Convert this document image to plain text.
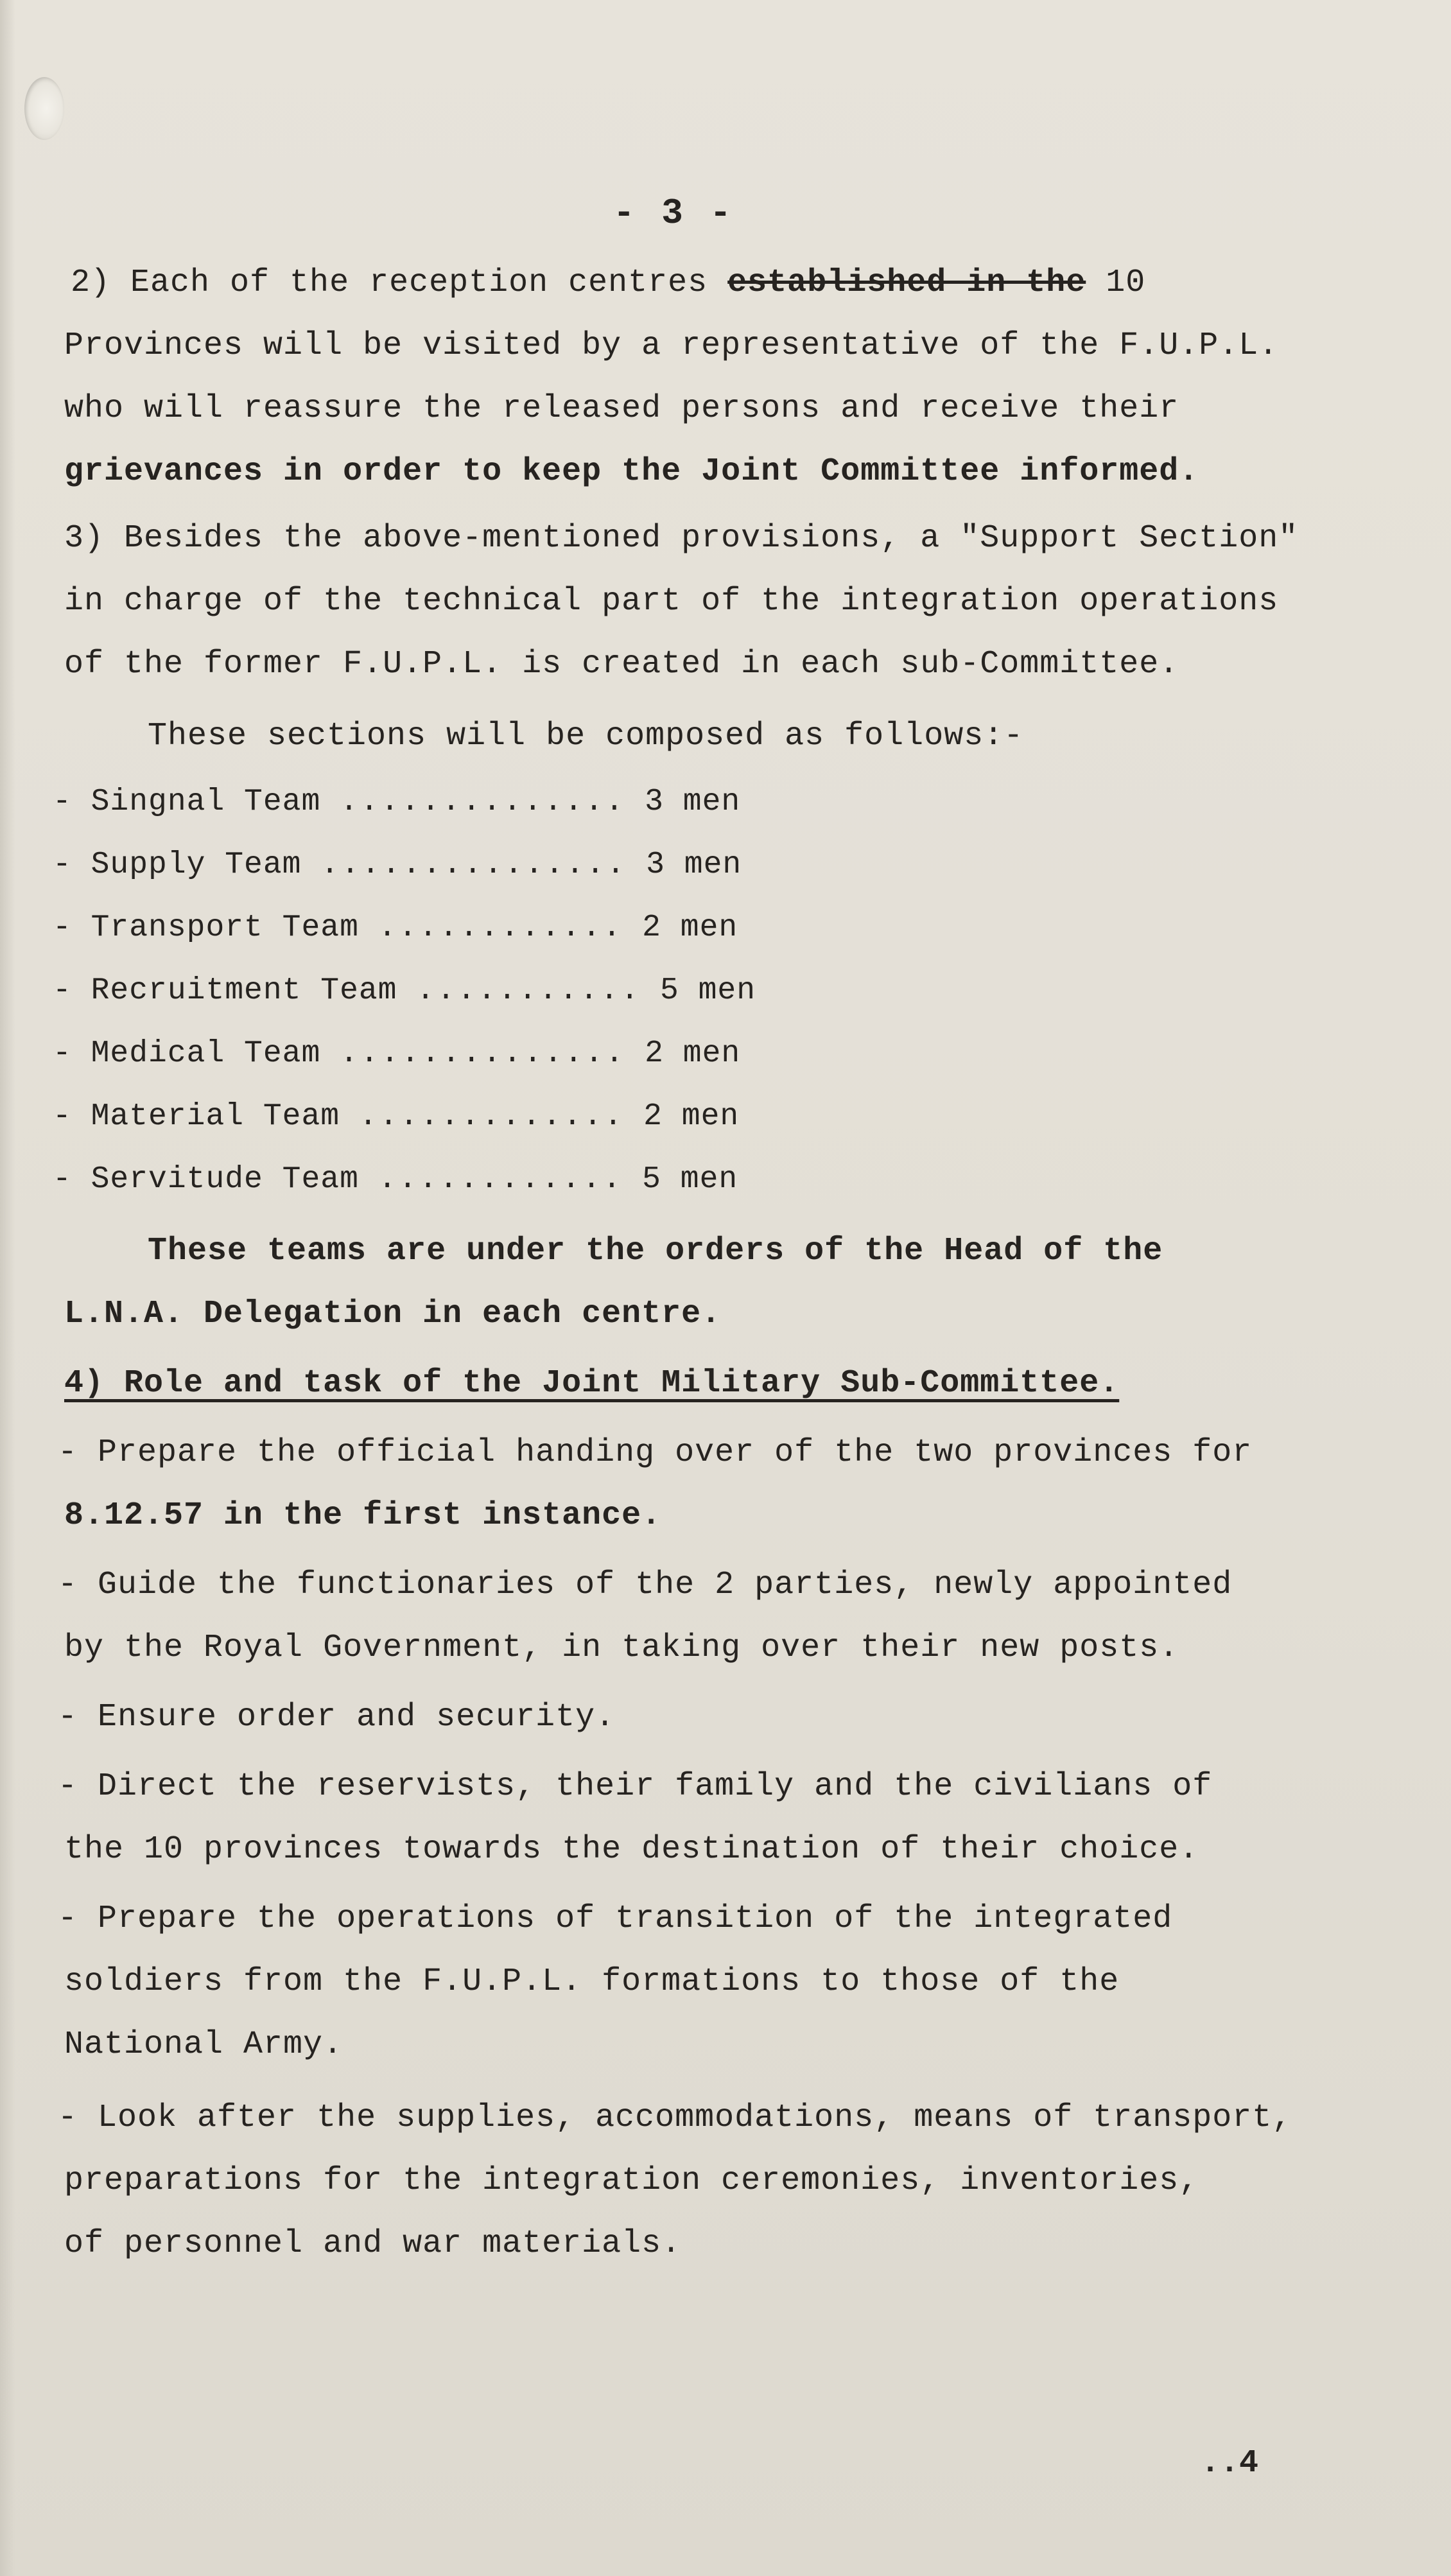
- 3 -
2) Each of the reception centres established in the 10
Provinces will be visited by a representative of the F.U.P.L.
who will reassure the released persons and receive their
grievances in order to keep the Joint Committee informed.
3) Besides the above-mentioned provisions, a "Support Section"
in charge of the technical part of the integration operations
of the former F.U.P.L. is created in each sub-Committee.
These sections will be composed as follows:-
- Singnal Team .............. 3 men
- Supply Team ............... 3 men
- Transport Team ............ 2 men
- Recruitment Team ........... 5 men
- Medical Team .............. 2 men
- Material Team ............. 2 men
- Servitude Team ............ 5 men
These teams are under the orders of the Head of the
L.N.A. Delegation in each centre.
4) Role and task of the Joint Military Sub-Committee.
- Prepare the official handing over of the two provinces for
8.12.57 in the first instance.
- Guide the functionaries of the 2 parties, newly appointed
by the Royal Government, in taking over their new posts.
- Ensure order and security.
- Direct the reservists, their family and the civilians of
the 10 provinces towards the destination of their choice.
- Prepare the operations of transition of the integrated
soldiers from the F.U.P.L. formations to those of the
National Army.
- Look after the supplies, accommodations, means of transport,
preparations for the integration ceremonies, inventories,
of personnel and war materials.
..4
